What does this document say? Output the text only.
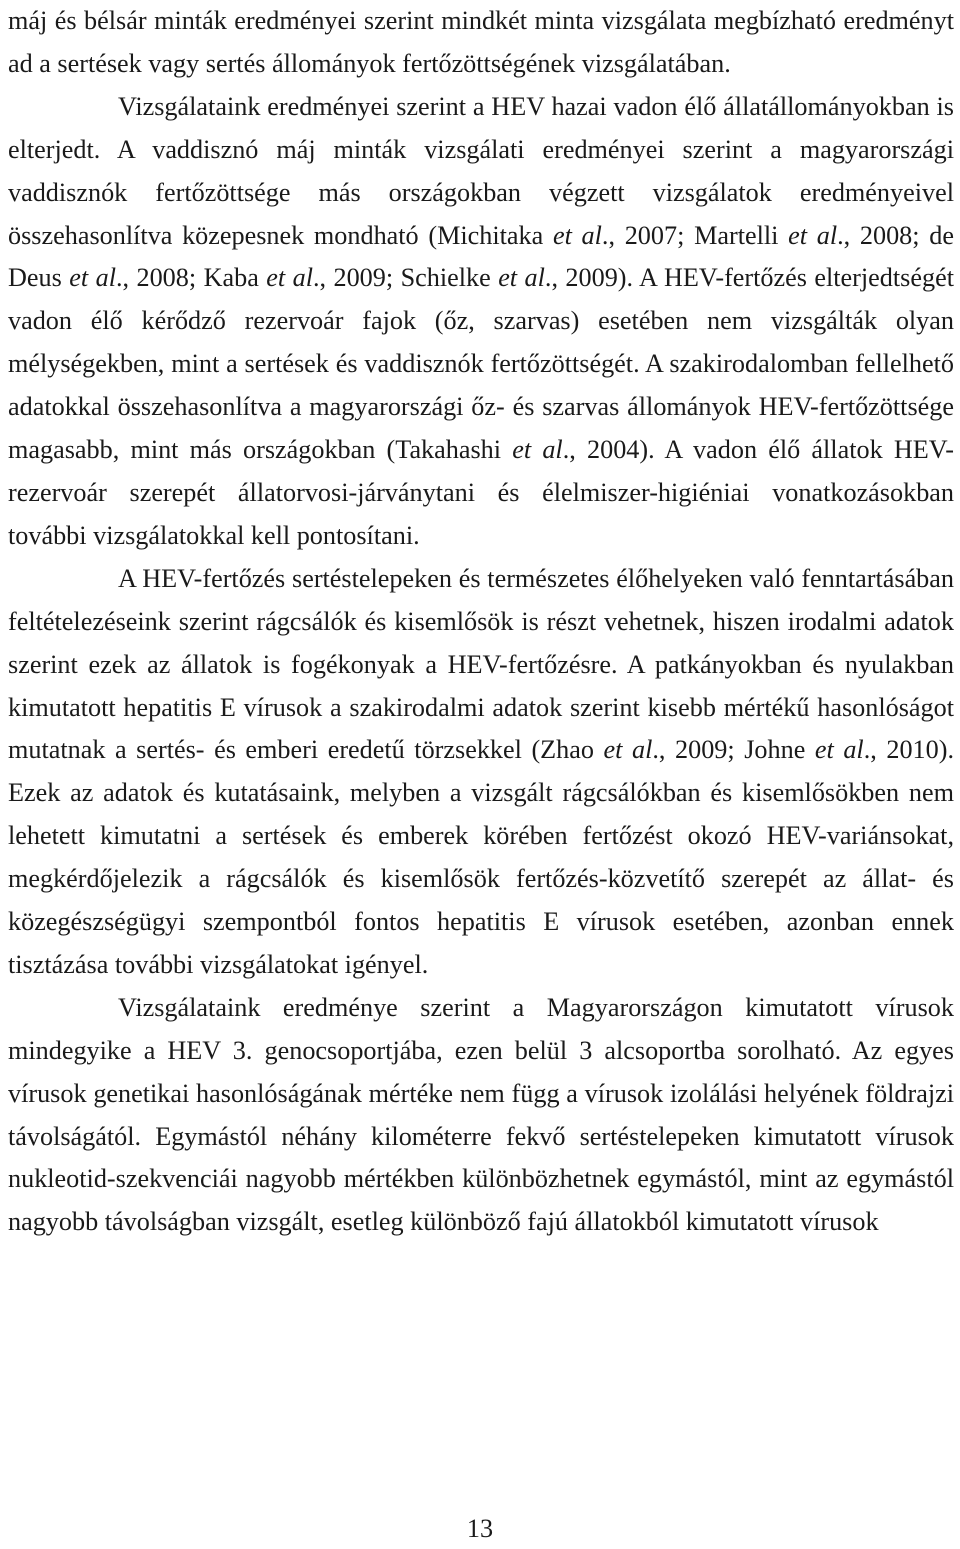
máj és bélsár minták eredményei szerint mindkét minta vizsgálata megbízható eredményt ad a sertések vagy sertés állományok fertőzöttségének vizsgálatában.

Vizsgálataink eredményei szerint a HEV hazai vadon élő állatállományokban is elterjedt. A vaddisznó máj minták vizsgálati eredményei szerint a magyarországi vaddisznók fertőzöttsége más országokban végzett vizsgálatok eredményeivel összehasonlítva közepesnek mondható (Michitaka et al., 2007; Martelli et al., 2008; de Deus et al., 2008; Kaba et al., 2009; Schielke et al., 2009). A HEV-fertőzés elterjedtségét vadon élő kérődző rezervoár fajok (őz, szarvas) esetében nem vizsgálták olyan mélységekben, mint a sertések és vaddisznók fertőzöttségét. A szakirodalomban fellelhető adatokkal összehasonlítva a magyarországi őz- és szarvas állományok HEV-fertőzöttsége magasabb, mint más országokban (Takahashi et al., 2004). A vadon élő állatok HEV-rezervoár szerepét állatorvosi-járványtani és élelmiszer-higiéniai vonatkozásokban további vizsgálatokkal kell pontosítani.

A HEV-fertőzés sertéstelepeken és természetes élőhelyeken való fenntartásában feltételezéseink szerint rágcsálók és kisemlősök is részt vehetnek, hiszen irodalmi adatok szerint ezek az állatok is fogékonyak a HEV-fertőzésre. A patkányokban és nyulakban kimutatott hepatitis E vírusok a szakirodalmi adatok szerint kisebb mértékű hasonlóságot mutatnak a sertés- és emberi eredetű törzsekkel (Zhao et al., 2009; Johne et al., 2010). Ezek az adatok és kutatásaink, melyben a vizsgált rágcsálókban és kisemlősökben nem lehetett kimutatni a sertések és emberek körében fertőzést okozó HEV-variánsokat, megkérdőjelezik a rágcsálók és kisemlősök fertőzés-közvetítő szerepét az állat- és közegészségügyi szempontból fontos hepatitis E vírusok esetében, azonban ennek tisztázása további vizsgálatokat igényel.

Vizsgálataink eredménye szerint a Magyarországon kimutatott vírusok mindegyike a HEV 3. genocsoportjába, ezen belül 3 alcsoportba sorolható. Az egyes vírusok genetikai hasonlóságának mértéke nem függ a vírusok izolálási helyének földrajzi távolságától. Egymástól néhány kilométerre fekvő sertéstelepeken kimutatott vírusok nukleotid-szekvenciái nagyobb mértékben különbözhetnek egymástól, mint az egymástól nagyobb távolságban vizsgált, esetleg különböző fajú állatokból kimutatott vírusok

13
